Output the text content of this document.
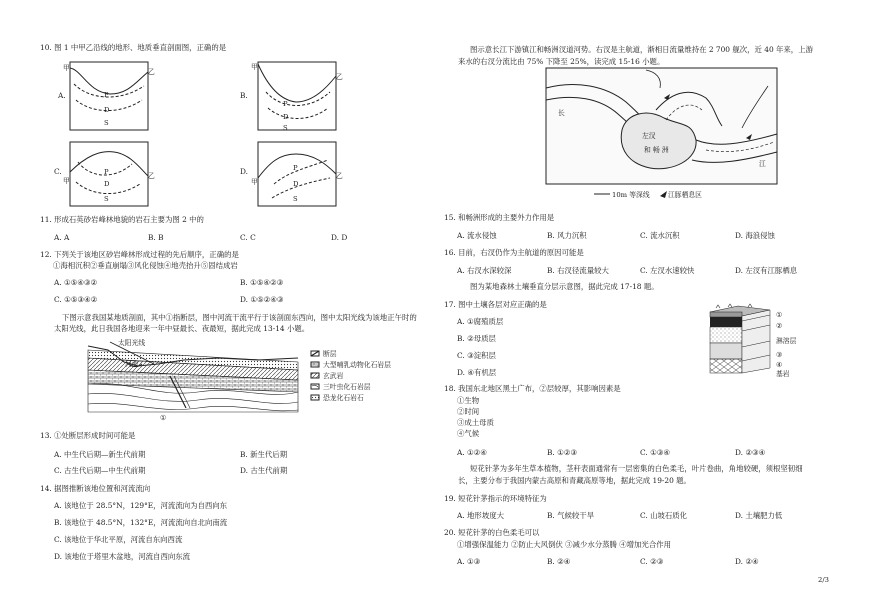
10. 图 1 中甲乙沿线的地形、地质垂直剖面图，正确的是
A.
甲	乙
P
D
S
B.
甲
乙
P
D
S
C.
甲
乙
P
D
S
D.
甲
乙
P
D
S
11. 形成石英砂岩峰林地貌的岩石主要为图 2 中的
A. A	B. B	C. C	D. D
12. 下列关于该地区砂岩峰林形成过程的先后顺序，正确的是
①海相沉积②垂直崩塌③风化侵蚀④地壳抬升⑤固结成岩
A. ①⑤④③②	B. ①⑤④②③
C. ①⑤③④②	D. ①⑤②④③
下图示意我国某地质剖面，其中①指断层，图中河流干流平行于该剖面东西向，图中太阳光线为该地正午时的
太阳光线，此日我国各地迎来一年中昼最长、夜最短，据此完成 13-14 小题。
太阳光线
河流
①
断层
大型哺乳动物化石岩层
玄武岩
三叶虫化石岩层
恐龙化石岩石
13. ①处断层形成时间可能是
A. 中生代后期—新生代前期	B. 新生代后期
C. 古生代后期—中生代前期	D. 古生代前期
14. 据图推断该地位置和河流流向
A. 该地位于 28.5°N，129°E，河流流向为自西向东
B. 该地位于 48.5°N，132°E，河流流向自北向南流
C. 该地位于华北平原，河流自东向西流
D. 该地位于塔里木盆地，河流自西向东流
图示意长江下游镇江和畅洲汊道河势。右汊是主航道，渐相日流量维持在 2 700 舰次，近 40 年来，上游
来水的右汊分流比由 75% 下降至 25%，读完成 15-16 小题。
左汊
和 畅 洲
长
江
10m 等深线	江豚栖息区
15. 和畅洲形成的主要外力作用是
A. 流水侵蚀	B. 风力沉积	C. 流水沉积	D. 海浪侵蚀
16. 目前，右汊仍作为主航道的原因可能是
A. 右汊水深较深	B. 右汊径流量较大	C. 左汊水速较快	D. 左汊有江豚栖息
图为某地森林土壤垂直分层示意图，据此完成 17-18 题。
17. 图中土壤各层对应正确的是
A. ①腐殖质层
B. ②母质层
C. ③淀积层
D. ④有机层
①
②
淋溶层
③
④
基岩
18. 我国东北地区黑土广布，②层较厚，其影响因素是
①生物
②时间
③成土母质
④气候
A. ①②④	B. ①②③	C. ①③④	D. ②③④
短花针茅为多年生草本植物，茎秆表面通常有一层密集的白色柔毛，叶片卷曲，角地较硬，须根坚韧细
长，主要分布于我国内蒙古高原和青藏高原等地，据此完成 19-20 题。
19. 短花针茅指示的环境特征为
A. 地形坡度大	B. 气候较干旱	C. 山坡石质化	D. 土壤肥力低
20. 短花针茅的白色柔毛可以
①增强保温能力 ②防止大风倒伏 ③减少水分蒸腾 ④增加光合作用
A. ①③	B. ②④	C. ②③	D. ②④
2/3
